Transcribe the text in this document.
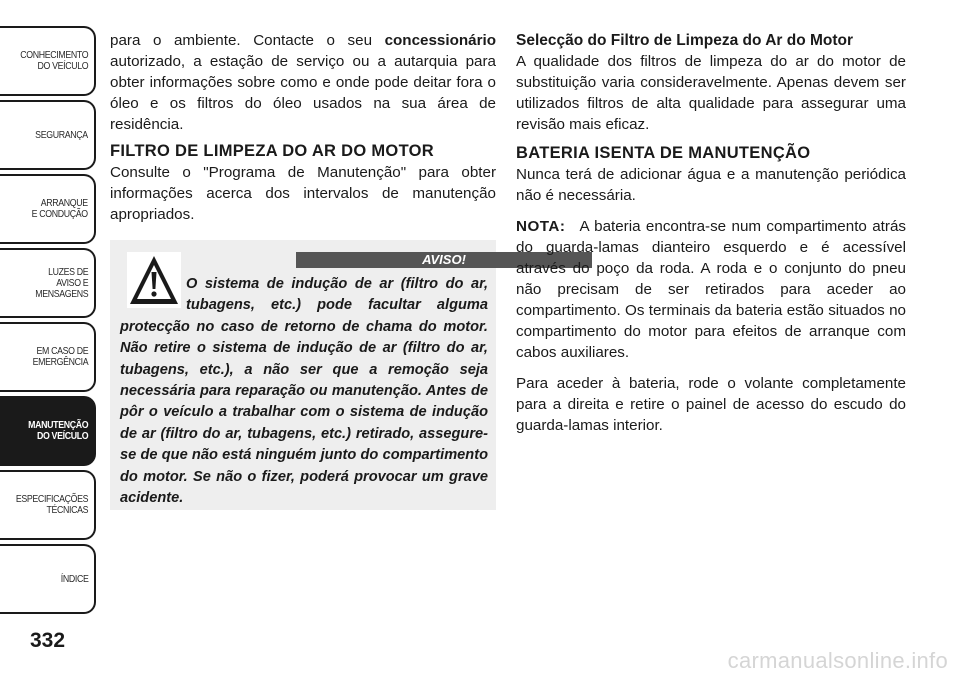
CONHECIMENTO
DO VEÍCULO
SEGURANÇA
ARRANQUE
E CONDUÇÃO
LUZES DE
AVISO E
MENSAGENS
EM CASO DE
EMERGÊNCIA
MANUTENÇÃO
DO VEÍCULO
ESPECIFICAÇÕES
TÉCNICAS
ÍNDICE
332

para o ambiente. Contacte o seu concessionário autorizado, a estação de serviço ou a autarquia para obter informações sobre como e onde pode deitar fora o óleo e os filtros do óleo usados na sua área de residência.

FILTRO DE LIMPEZA DO AR DO MOTOR

Consulte o "Programa de Manutenção" para obter informações acerca dos intervalos de manutenção apropriados.

AVISO!

O sistema de indução de ar (filtro do ar, tubagens, etc.) pode facultar alguma protecção no caso de retorno de chama do motor. Não retire o sistema de indução de ar (filtro do ar, tubagens, etc.), a não ser que a remoção seja necessária para reparação ou manutenção. Antes de pôr o veículo a trabalhar com o sistema de indução de ar (filtro do ar, tubagens, etc.) retirado, assegure-se de que não está ninguém junto do compartimento do motor. Se não o fizer, poderá provocar um grave acidente.

Selecção do Filtro de Limpeza do Ar do Motor

A qualidade dos filtros de limpeza do ar do motor de substituição varia consideravelmente. Apenas devem ser utilizados filtros de alta qualidade para assegurar uma revisão mais eficaz.

BATERIA ISENTA DE MANUTENÇÃO

Nunca terá de adicionar água e a manutenção periódica não é necessária.

NOTA: A bateria encontra-se num compartimento atrás do guarda-lamas dianteiro esquerdo e é acessível através do poço da roda. A roda e o conjunto do pneu não precisam de ser retirados para aceder ao compartimento. Os terminais da bateria estão situados no compartimento do motor para efeitos de arranque com cabos auxiliares.

Para aceder à bateria, rode o volante completamente para a direita e retire o painel de acesso do escudo do guarda-lamas interior.

carmanualsonline.info
